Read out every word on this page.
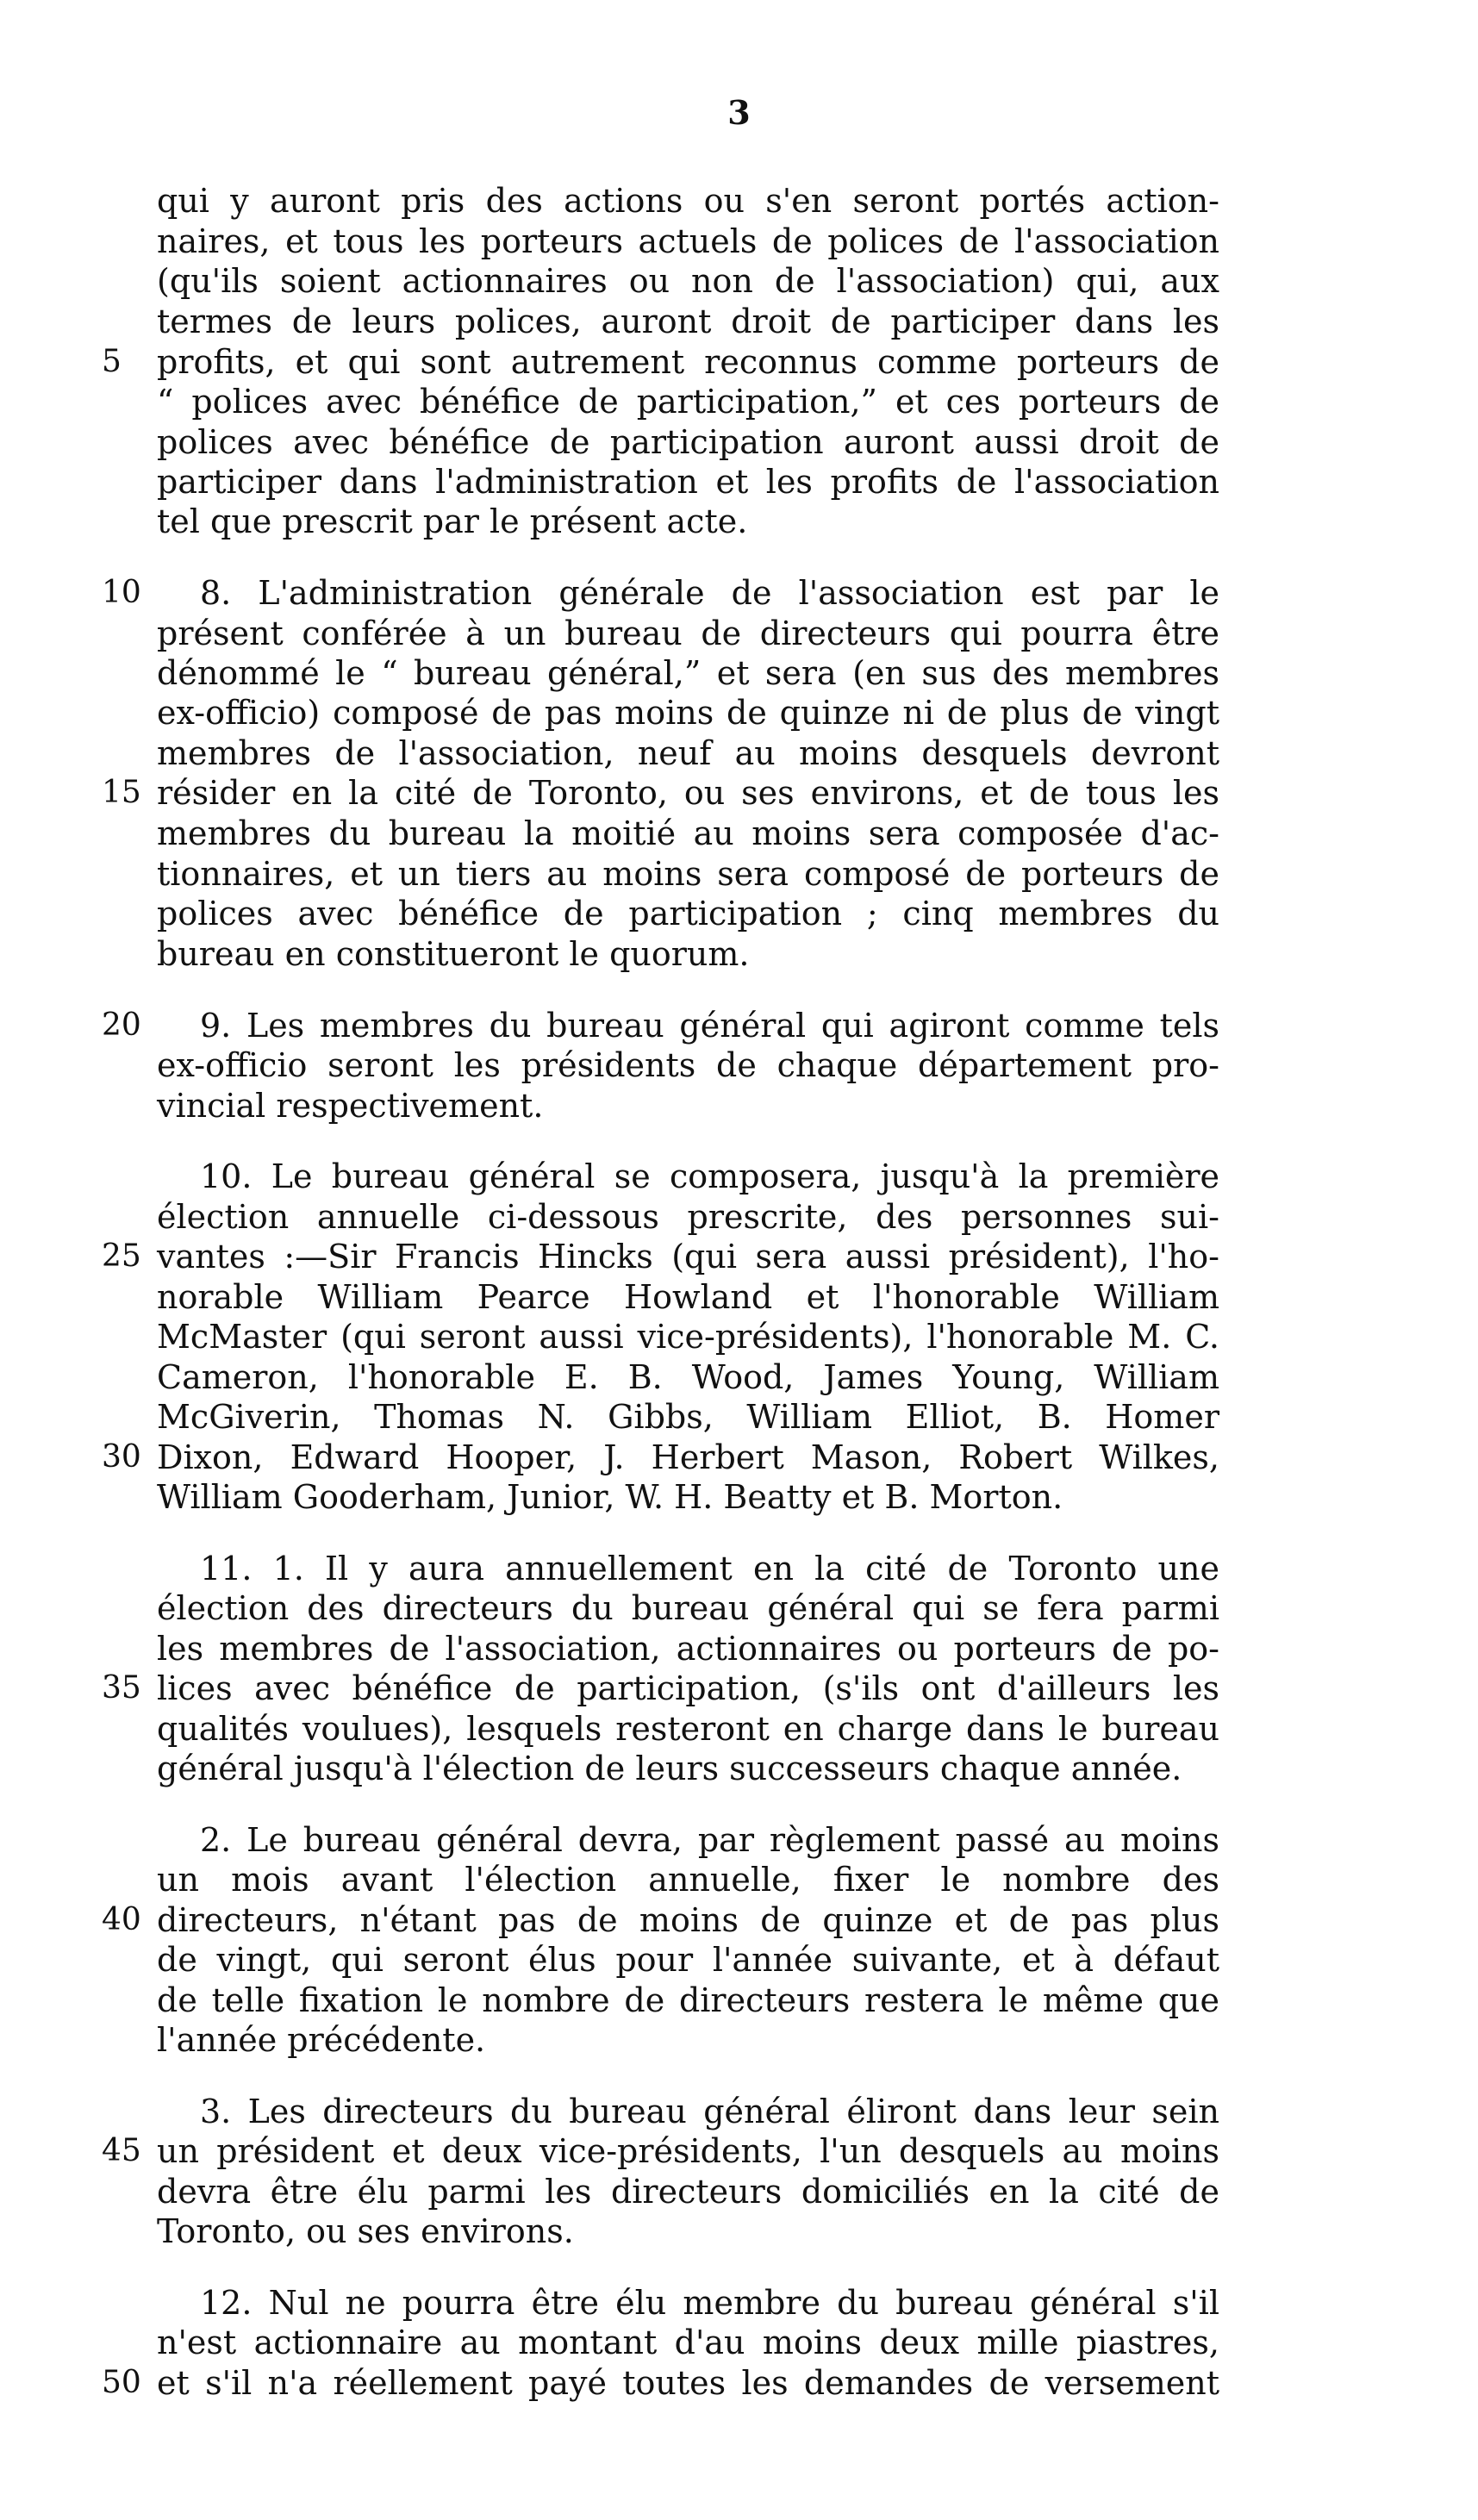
3
qui y auront pris des actions ou s'en seront portés action-
naires, et tous les porteurs actuels de polices de l'association
(qu'ils soient actionnaires ou non de l'association) qui, aux
termes de leurs polices, auront droit de participer dans les
profits, et qui sont autrement reconnus comme porteurs de
5
“ polices avec bénéfice de participation,” et ces porteurs de
polices avec bénéfice de participation auront aussi droit de
participer dans l'administration et les profits de l'association
tel que prescrit par le présent acte.
8. L'administration générale de l'association est par le
10
présent conférée à un bureau de directeurs qui pourra être
dénommé le “ bureau général,” et sera (en sus des membres
ex-officio) composé de pas moins de quinze ni de plus de vingt
membres de l'association, neuf au moins desquels devront
résider en la cité de Toronto, ou ses environs, et de tous les
15
membres du bureau la moitié au moins sera composée d'ac-
tionnaires, et un tiers au moins sera composé de porteurs de
polices avec bénéfice de participation ; cinq membres du
bureau en constitueront le quorum.
9. Les membres du bureau général qui agiront comme tels
20
ex-officio seront les présidents de chaque département pro-
vincial respectivement.
10. Le bureau général se composera, jusqu'à la première
élection annuelle ci-dessous prescrite, des personnes sui-
vantes :—Sir Francis Hincks (qui sera aussi président), l'ho-
25
norable William Pearce Howland et l'honorable William
McMaster (qui seront aussi vice-présidents), l'honorable M. C.
Cameron, l'honorable E. B. Wood, James Young, William
McGiverin, Thomas N. Gibbs, William Elliot, B. Homer
Dixon, Edward Hooper, J. Herbert Mason, Robert Wilkes,
30
William Gooderham, Junior, W. H. Beatty et B. Morton.
11. 1. Il y aura annuellement en la cité de Toronto une
élection des directeurs du bureau général qui se fera parmi
les membres de l'association, actionnaires ou porteurs de po-
lices avec bénéfice de participation, (s'ils ont d'ailleurs les
35
qualités voulues), lesquels resteront en charge dans le bureau
général jusqu'à l'élection de leurs successeurs chaque année.
2. Le bureau général devra, par règlement passé au moins
un mois avant l'élection annuelle, fixer le nombre des
directeurs, n'étant pas de moins de quinze et de pas plus
40
de vingt, qui seront élus pour l'année suivante, et à défaut
de telle fixation le nombre de directeurs restera le même que
l'année précédente.
3. Les directeurs du bureau général éliront dans leur sein
un président et deux vice-présidents, l'un desquels au moins
45
devra être élu parmi les directeurs domiciliés en la cité de
Toronto, ou ses environs.
12. Nul ne pourra être élu membre du bureau général s'il
n'est actionnaire au montant d'au moins deux mille piastres,
et s'il n'a réellement payé toutes les demandes de versement
50
